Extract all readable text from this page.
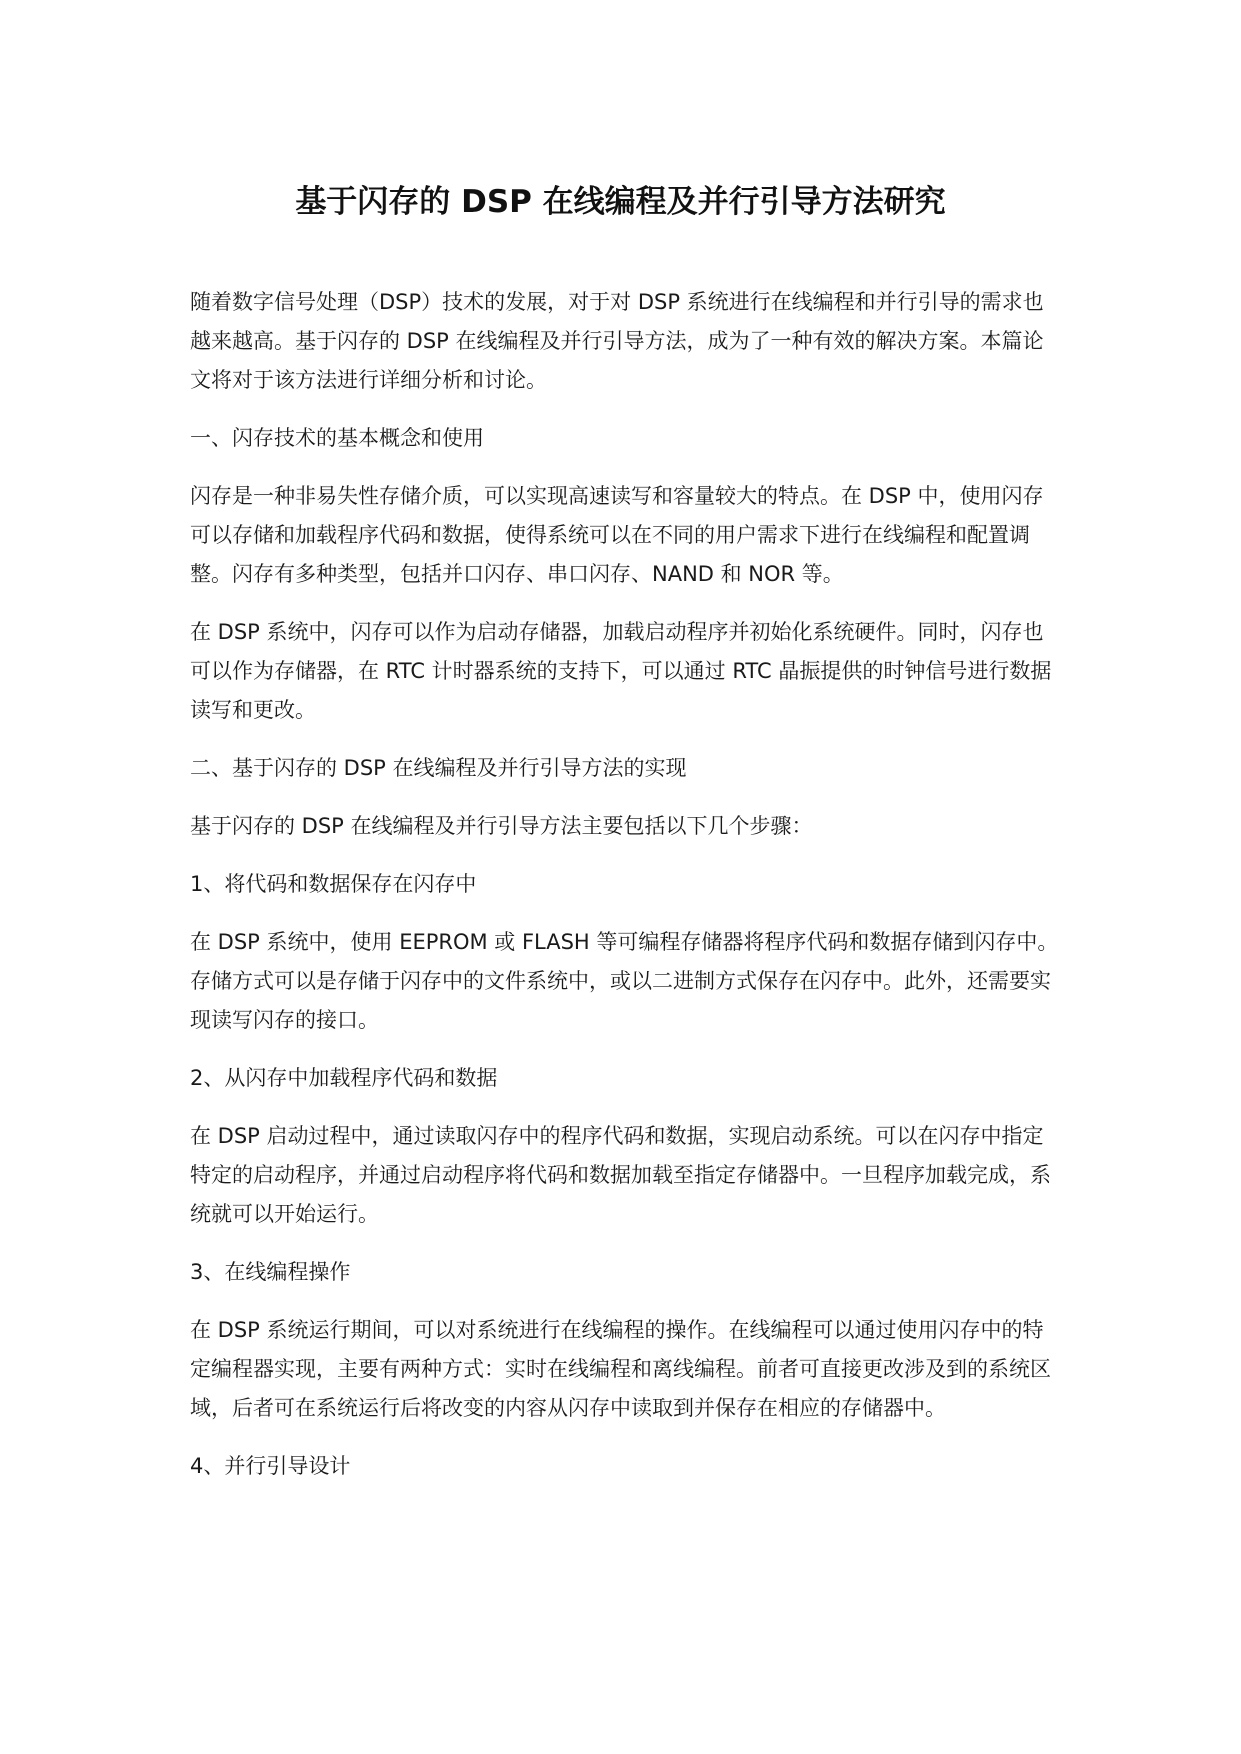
基于闪存的 DSP 在线编程及并行引导方法研究

随着数字信号处理（DSP）技术的发展，对于对 DSP 系统进行在线编程和并行引导的需求也越来越高。基于闪存的 DSP 在线编程及并行引导方法，成为了一种有效的解决方案。本篇论文将对于该方法进行详细分析和讨论。

一、闪存技术的基本概念和使用

闪存是一种非易失性存储介质，可以实现高速读写和容量较大的特点。在 DSP 中，使用闪存可以存储和加载程序代码和数据，使得系统可以在不同的用户需求下进行在线编程和配置调整。闪存有多种类型，包括并口闪存、串口闪存、NAND 和 NOR 等。

在 DSP 系统中，闪存可以作为启动存储器，加载启动程序并初始化系统硬件。同时，闪存也可以作为存储器，在 RTC 计时器系统的支持下，可以通过 RTC 晶振提供的时钟信号进行数据读写和更改。

二、基于闪存的 DSP 在线编程及并行引导方法的实现

基于闪存的 DSP 在线编程及并行引导方法主要包括以下几个步骤：

1、将代码和数据保存在闪存中

在 DSP 系统中，使用 EEPROM 或 FLASH 等可编程存储器将程序代码和数据存储到闪存中。存储方式可以是存储于闪存中的文件系统中，或以二进制方式保存在闪存中。此外，还需要实现读写闪存的接口。

2、从闪存中加载程序代码和数据

在 DSP 启动过程中，通过读取闪存中的程序代码和数据，实现启动系统。可以在闪存中指定特定的启动程序，并通过启动程序将代码和数据加载至指定存储器中。一旦程序加载完成，系统就可以开始运行。

3、在线编程操作

在 DSP 系统运行期间，可以对系统进行在线编程的操作。在线编程可以通过使用闪存中的特定编程器实现，主要有两种方式：实时在线编程和离线编程。前者可直接更改涉及到的系统区域，后者可在系统运行后将改变的内容从闪存中读取到并保存在相应的存储器中。

4、并行引导设计
